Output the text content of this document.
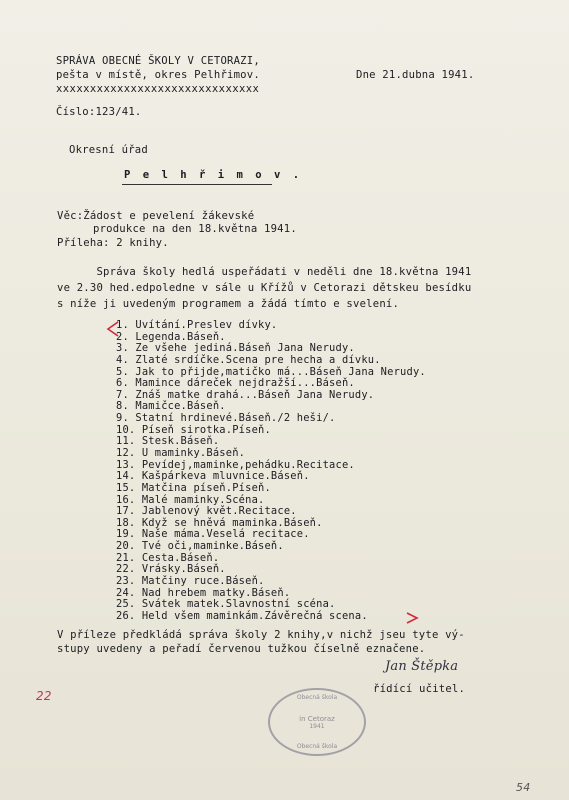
SPRÁVA OBECNÉ ŠKOLY V CETORAZI,
pešta v místě, okres Pelhřimov.
xxxxxxxxxxxxxxxxxxxxxxxxxxxxxx
Dne 21.dubna 1941.
Číslo:123/41.
Okresní úřad
P e l h ř i m o v .
Věc:Žádost e pevelení žákevské
produkce na den 18.května 1941.
Příleha: 2 knihy.
Správa školy hedlá uspeřádati v neděli dne 18.května 1941
ve 2.30 hed.edpoledne v sále u Křížů v Cetorazi dětskeu besídku
s níže ji uvedeným programem a žádá tímto e svelení.
1. Uvítání.Preslev dívky.
2. Legenda.Báseň.
3. Ze všehe jediná.Báseň Jana Nerudy.
4. Zlaté srdíčke.Scena pre hecha a dívku.
5. Jak to přijde,matičko má...Báseň Jana Nerudy.
6. Mamince dáreček nejdražší...Báseň.
7. Znáš matke drahá...Báseň Jana Nerudy.
8. Mamičce.Báseň.
9. Statní hrdinevé.Báseň./2 heši/.
10. Píseň sirotka.Píseň.
11. Stesk.Báseň.
12. U maminky.Báseň.
13. Pevídej,maminke,pehádku.Recitace.
14. Kašpárkeva mluvnice.Báseň.
15. Matčina píseň.Píseň.
16. Malé maminky.Scéna.
17. Jablenový květ.Recitace.
18. Když se hněvá maminka.Báseň.
19. Naše máma.Veselá recitace.
20. Tvé oči,maminke.Báseň.
21. Cesta.Báseň.
22. Vrásky.Báseň.
23. Matčiny ruce.Báseň.
24. Nad hrebem matky.Báseň.
25. Svátek matek.Slavnostní scéna.
26. Held všem maminkám.Závěrečná scena.
V příleze předkládá správa školy 2 knihy,v nichž jseu tyte vý-
stupy uvedeny a peřadí červenou tužkou číselně eznačene.
Jan Štěpka
řídící učitel.
Obecná škola
in Cetoraz
1941
Obecná škola
22
54
